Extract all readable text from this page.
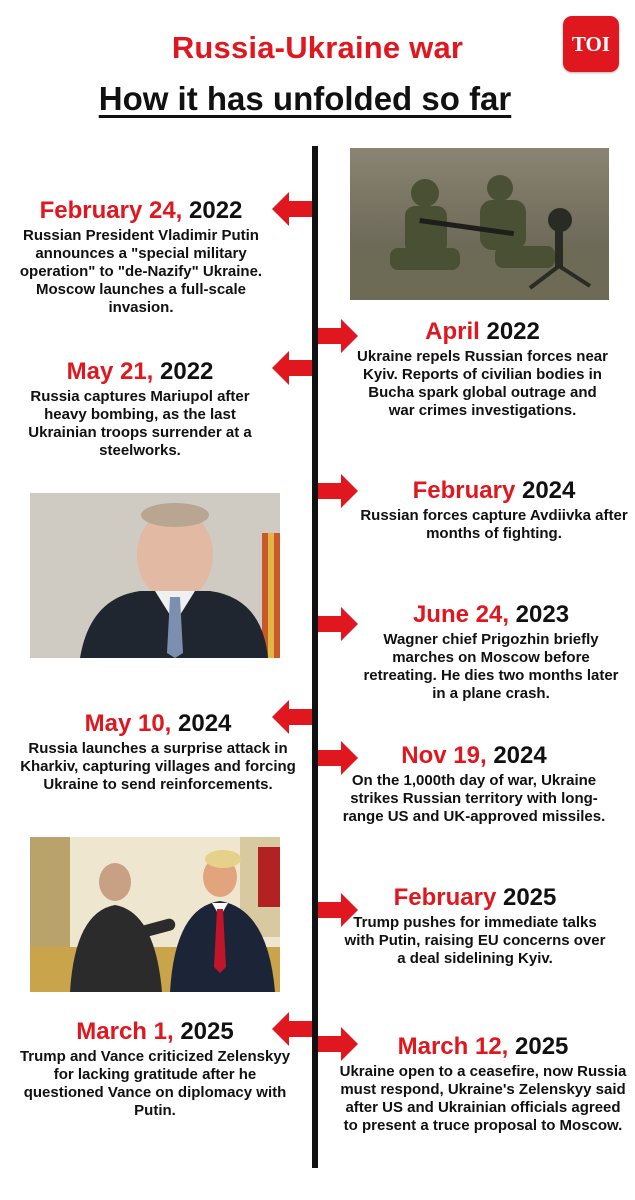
Russia-Ukraine war
How it has unfolded so far
TOI
February 24, 2022
Russian President Vladimir Putin announces a "special military operation" to "de-Nazify" Ukraine. Moscow launches a full-scale invasion.
April 2022
Ukraine repels Russian forces near Kyiv. Reports of civilian bodies in Bucha spark global outrage and war crimes investigations.
May 21, 2022
Russia captures Mariupol after heavy bombing, as the last Ukrainian troops surrender at a steelworks.
February 2024
Russian forces capture Avdiivka after months of fighting.
June 24, 2023
Wagner chief Prigozhin briefly marches on Moscow before retreating. He dies two months later in a plane crash.
May 10, 2024
Russia launches a surprise attack in Kharkiv, capturing villages and forcing Ukraine to send reinforcements.
Nov 19, 2024
On the 1,000th day of war, Ukraine strikes Russian territory with long-range US and UK-approved missiles.
February 2025
Trump pushes for immediate talks with Putin, raising EU concerns over a deal sidelining Kyiv.
March 1, 2025
Trump and Vance criticized Zelenskyy for lacking gratitude after he questioned Vance on diplomacy with Putin.
March 12, 2025
Ukraine open to a ceasefire, now Russia must respond, Ukraine's Zelenskyy said after US and Ukrainian officials agreed to present a truce proposal to Moscow.
